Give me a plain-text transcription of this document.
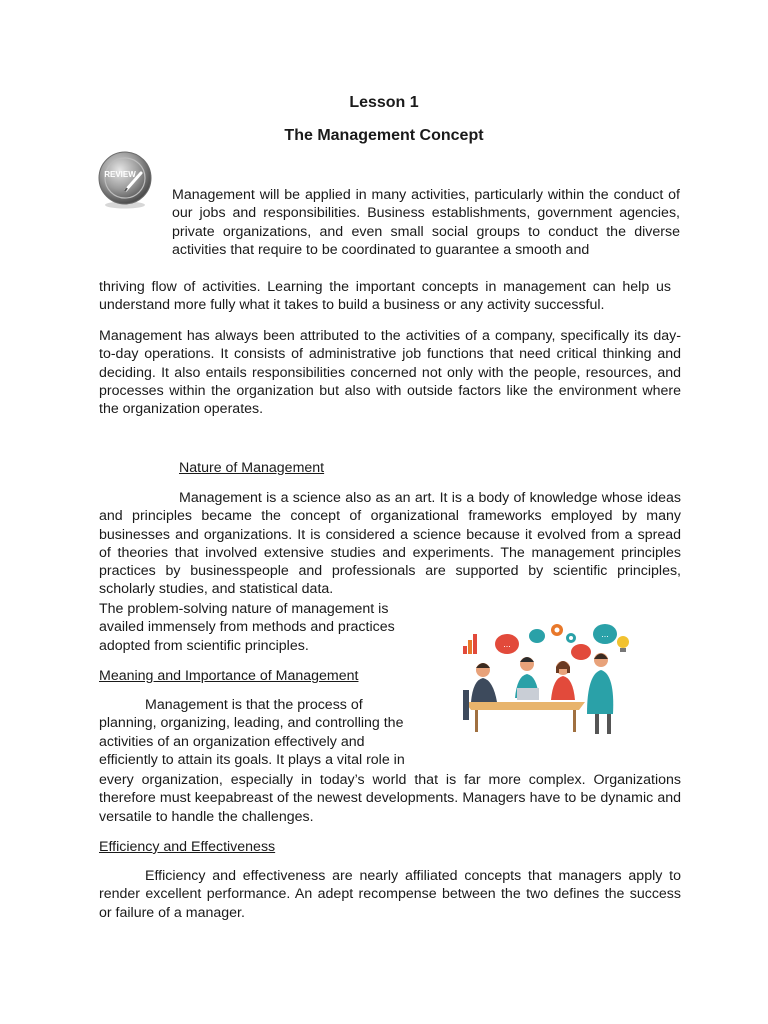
Lesson 1
The Management Concept
REVIEW
Management will be applied in many activities, particularly within the conduct of our jobs and responsibilities. Business establishments, government agencies, private organizations, and even small social groups to conduct the diverse activities that require to be coordinated to guarantee a smooth and
thriving flow of activities. Learning the important concepts in management can help us understand more fully what it takes to build a business or any activity successful.
Management has always been attributed to the activities of a company, specifically its day-to-day operations. It consists of administrative job functions that need critical thinking and deciding. It also entails responsibilities concerned not only with the people, resources, and processes within the organization but also with outside factors like the environment where the organization operates.
Nature of Management
Management is a science also as an art. It is a body of knowledge whose ideas and principles became the concept of organizational frameworks employed by many businesses and organizations. It is considered a science because it evolved from a spread of theories that involved extensive studies and experiments. The management principles practices by businesspeople and professionals are supported by scientific principles, scholarly studies, and statistical data.
The problem-solving nature of management is
availed immensely from methods and practices
adopted from scientific principles.
Meaning and Importance of Management
Management is that the process of
planning, organizing, leading, and controlling the
activities of an organization effectively and
efficiently to attain its goals. It plays a vital role in
every organization, especially in today’s world that is far more complex. Organizations therefore must keepabreast of the newest developments. Managers have to be dynamic and versatile to handle the challenges.
...
...
Efficiency and Effectiveness
Efficiency and effectiveness are nearly affiliated concepts that managers apply to render excellent performance. An adept recompense between the two defines the success or failure of a manager.
